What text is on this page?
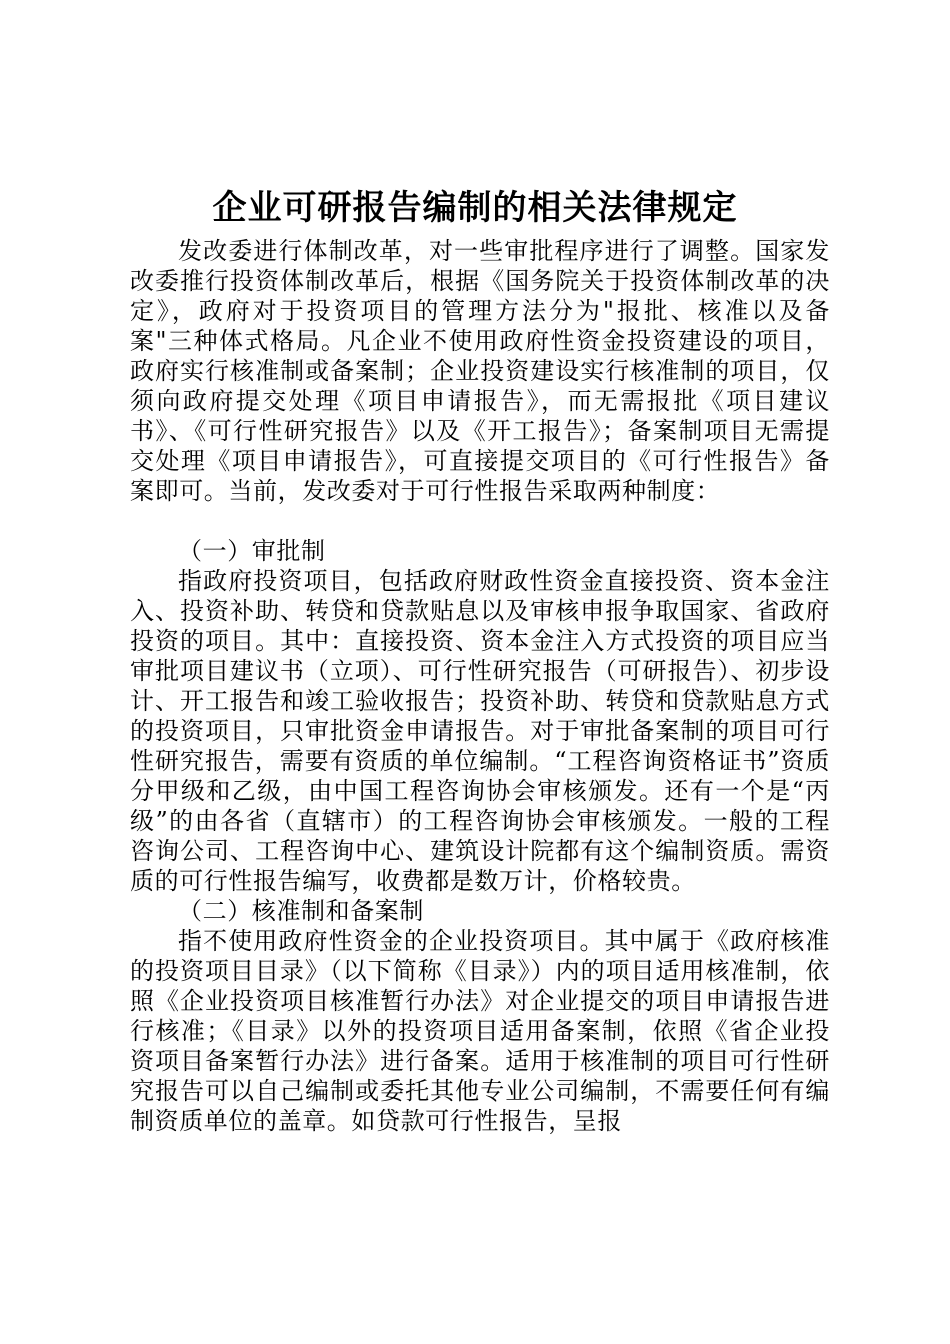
企业可研报告编制的相关法律规定

发改委进行体制改革，对一些审批程序进行了调整。国家发改委推行投资体制改革后，根据《国务院关于投资体制改革的决定》，政府对于投资项目的管理方法分为"报批、核准以及备案"三种体式格局。凡企业不使用政府性资金投资建设的项目，政府实行核准制或备案制；企业投资建设实行核准制的项目，仅须向政府提交处理《项目申请报告》，而无需报批《项目建议书》、《可行性研究报告》以及《开工报告》；备案制项目无需提交处理《项目申请报告》，可直接提交项目的《可行性报告》备案即可。当前，发改委对于可行性报告采取两种制度：

（一）审批制

指政府投资项目，包括政府财政性资金直接投资、资本金注入、投资补助、转贷和贷款贴息以及审核申报争取国家、省政府投资的项目。其中：直接投资、资本金注入方式投资的项目应当审批项目建议书（立项）、可行性研究报告（可研报告）、初步设计、开工报告和竣工验收报告；投资补助、转贷和贷款贴息方式的投资项目，只审批资金申请报告。对于审批备案制的项目可行性研究报告，需要有资质的单位编制。“工程咨询资格证书”资质分甲级和乙级，由中国工程咨询协会审核颁发。还有一个是“丙级”的由各省（直辖市）的工程咨询协会审核颁发。一般的工程咨询公司、工程咨询中心、建筑设计院都有这个编制资质。需资质的可行性报告编写，收费都是数万计，价格较贵。

（二）核准制和备案制

指不使用政府性资金的企业投资项目。其中属于《政府核准的投资项目目录》（以下简称《目录》）内的项目适用核准制，依照《企业投资项目核准暂行办法》对企业提交的项目申请报告进行核准；《目录》以外的投资项目适用备案制，依照《省企业投资项目备案暂行办法》进行备案。适用于核准制的项目可行性研究报告可以自己编制或委托其他专业公司编制，不需要任何有编制资质单位的盖章。如贷款可行性报告，呈报
